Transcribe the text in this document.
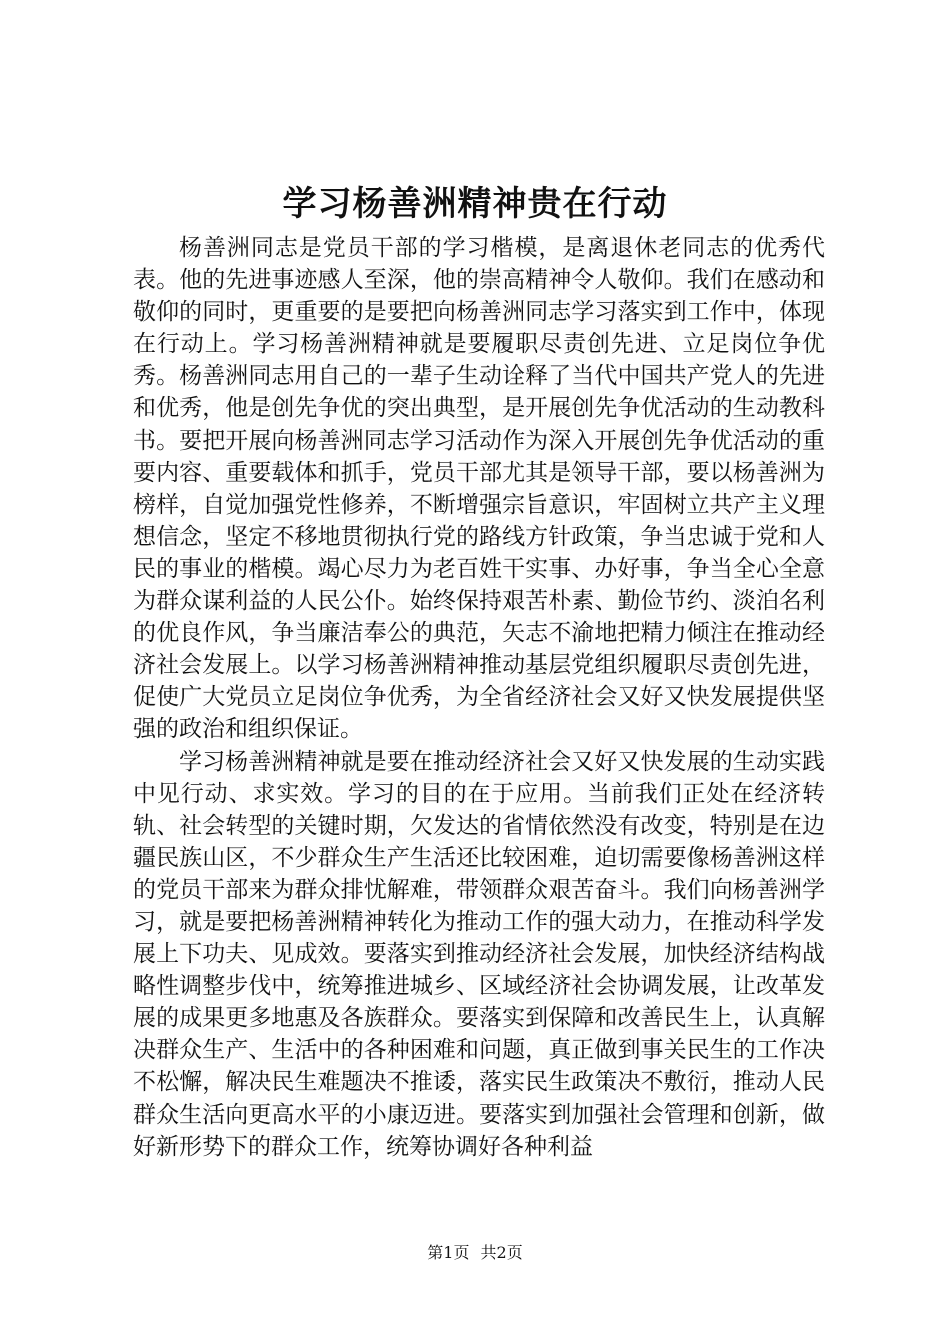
学习杨善洲精神贵在行动

杨善洲同志是党员干部的学习楷模，是离退休老同志的优秀代表。他的先进事迹感人至深，他的崇高精神令人敬仰。我们在感动和敬仰的同时，更重要的是要把向杨善洲同志学习落实到工作中，体现在行动上。学习杨善洲精神就是要履职尽责创先进、立足岗位争优秀。杨善洲同志用自己的一辈子生动诠释了当代中国共产党人的先进和优秀，他是创先争优的突出典型，是开展创先争优活动的生动教科书。要把开展向杨善洲同志学习活动作为深入开展创先争优活动的重要内容、重要载体和抓手，党员干部尤其是领导干部，要以杨善洲为榜样，自觉加强党性修养，不断增强宗旨意识，牢固树立共产主义理想信念，坚定不移地贯彻执行党的路线方针政策，争当忠诚于党和人民的事业的楷模。竭心尽力为老百姓干实事、办好事，争当全心全意为群众谋利益的人民公仆。始终保持艰苦朴素、勤俭节约、淡泊名利的优良作风，争当廉洁奉公的典范，矢志不渝地把精力倾注在推动经济社会发展上。以学习杨善洲精神推动基层党组织履职尽责创先进，促使广大党员立足岗位争优秀，为全省经济社会又好又快发展提供坚强的政治和组织保证。

学习杨善洲精神就是要在推动经济社会又好又快发展的生动实践中见行动、求实效。学习的目的在于应用。当前我们正处在经济转轨、社会转型的关键时期，欠发达的省情依然没有改变，特别是在边疆民族山区，不少群众生产生活还比较困难，迫切需要像杨善洲这样的党员干部来为群众排忧解难，带领群众艰苦奋斗。我们向杨善洲学习，就是要把杨善洲精神转化为推动工作的强大动力，在推动科学发展上下功夫、见成效。要落实到推动经济社会发展，加快经济结构战略性调整步伐中，统筹推进城乡、区域经济社会协调发展，让改革发展的成果更多地惠及各族群众。要落实到保障和改善民生上，认真解决群众生产、生活中的各种困难和问题，真正做到事关民生的工作决不松懈，解决民生难题决不推诿，落实民生政策决不敷衍，推动人民群众生活向更高水平的小康迈进。要落实到加强社会管理和创新，做好新形势下的群众工作，统筹协调好各种利益

第1页 共2页
